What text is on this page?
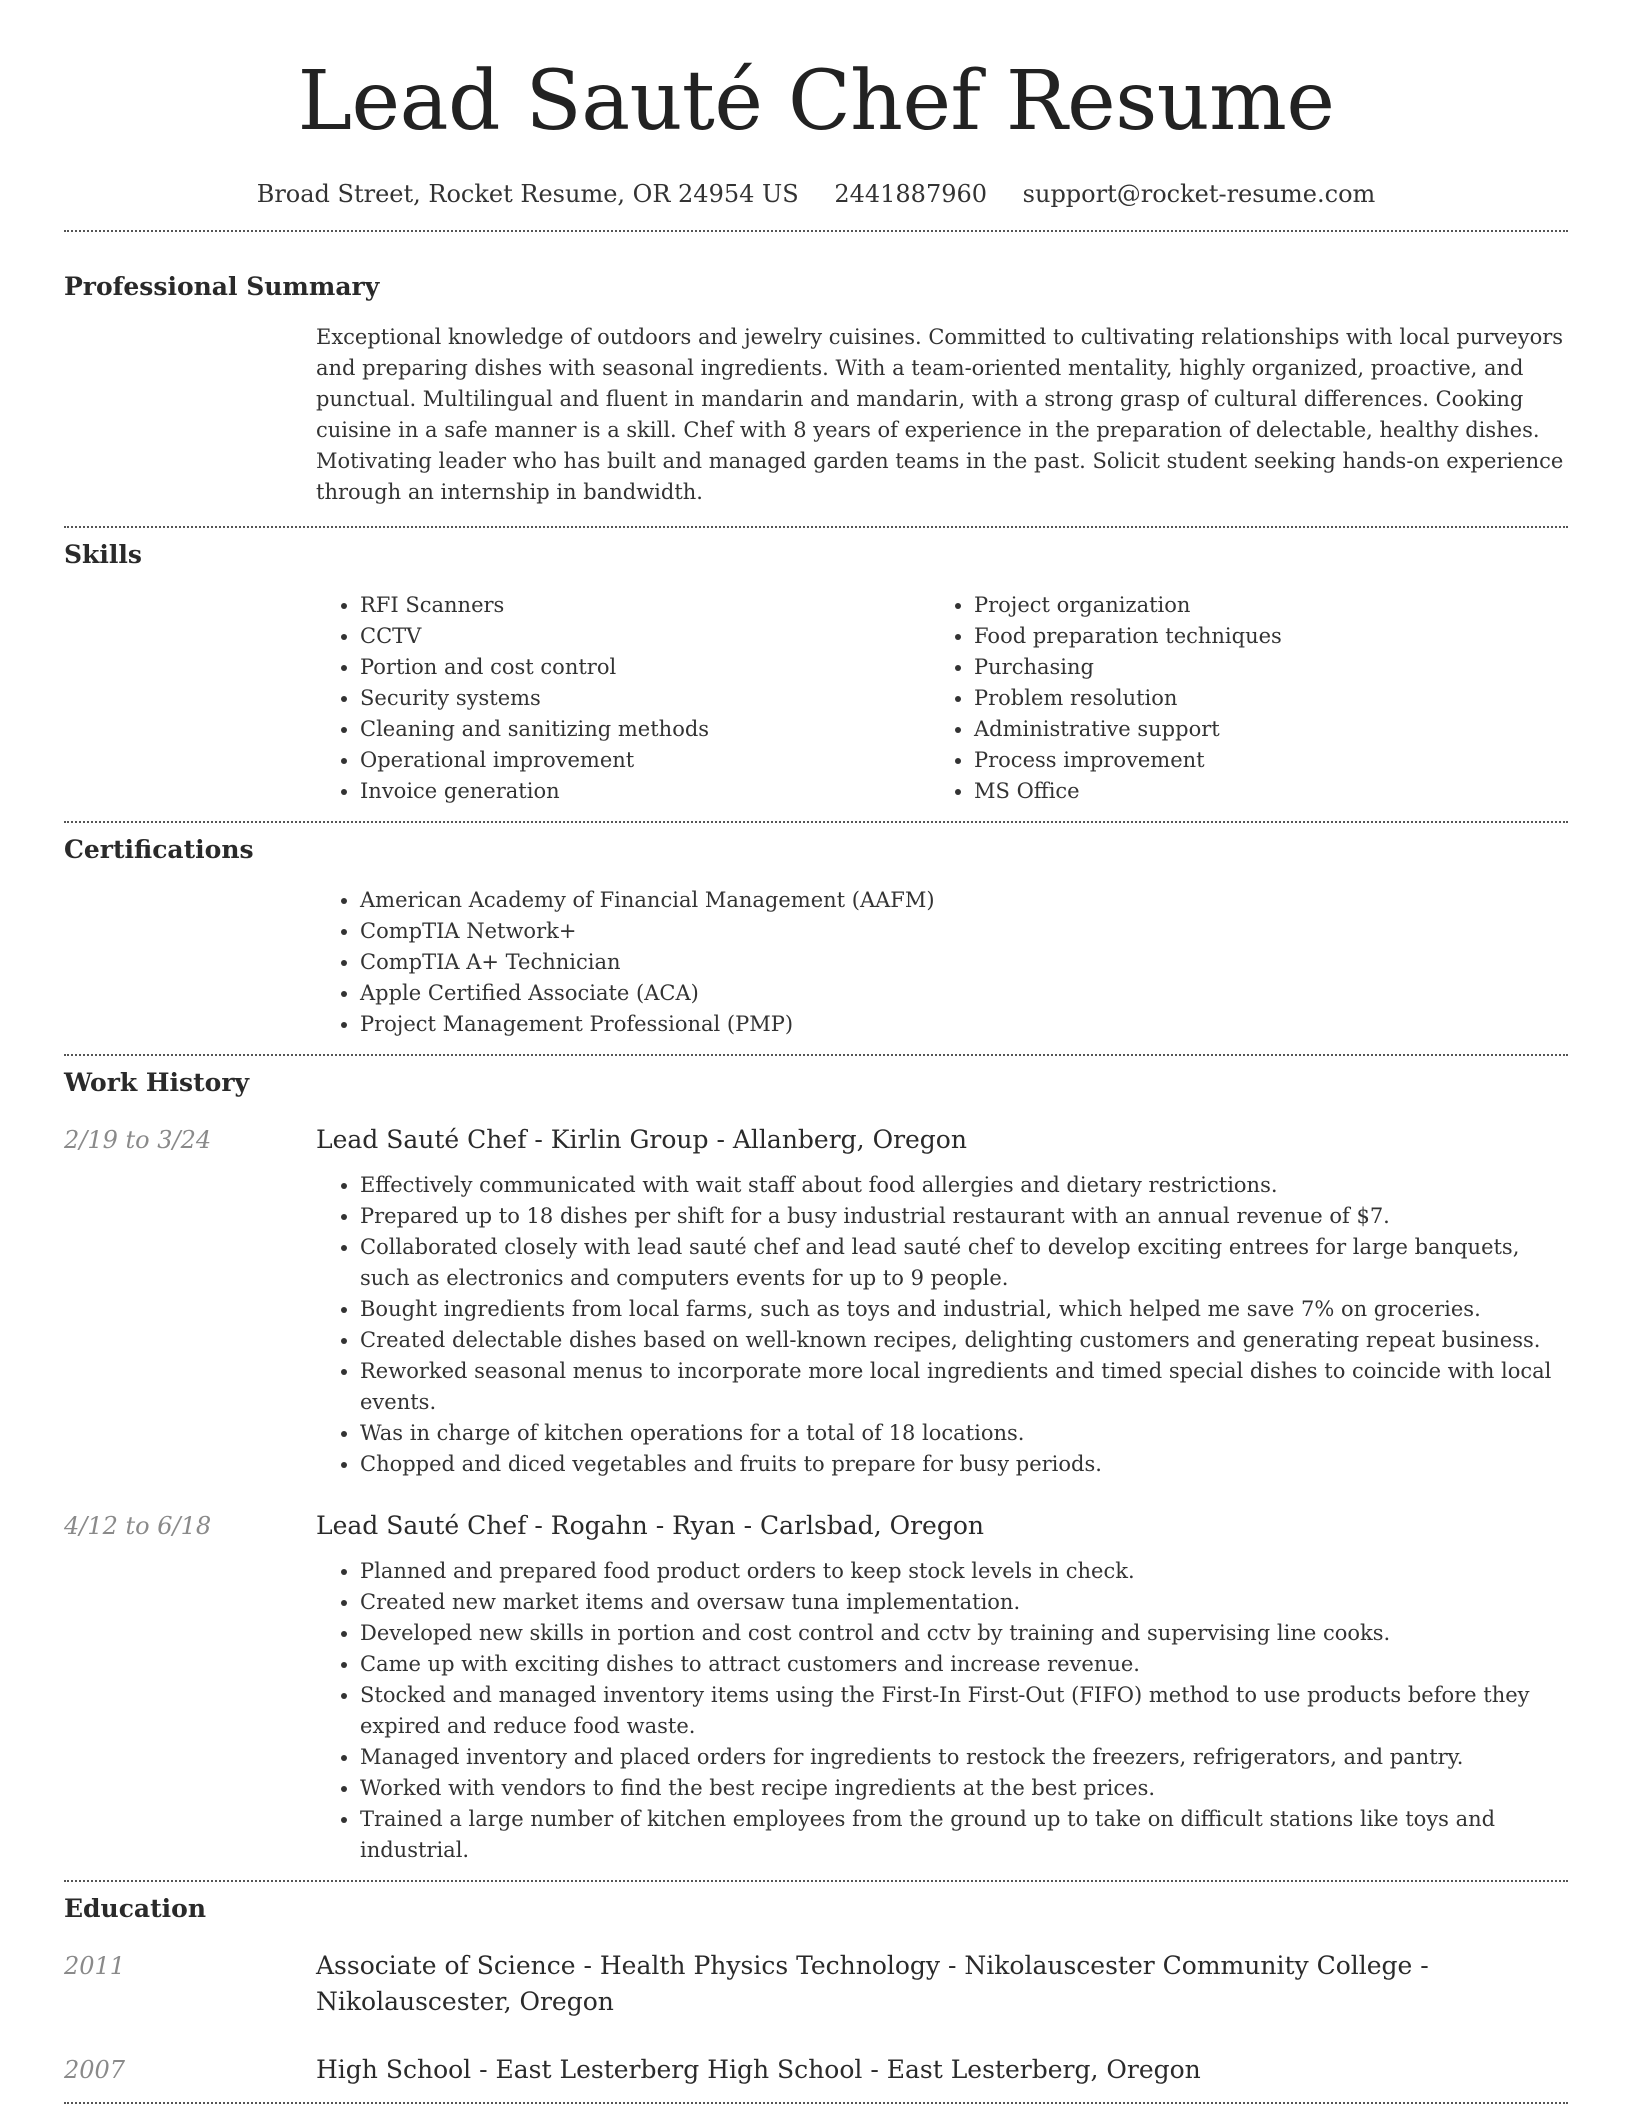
Lead Sauté Chef Resume
Broad Street, Rocket Resume, OR 24954 US 2441887960 support@rocket-resume.com
Professional Summary

Exceptional knowledge of outdoors and jewelry cuisines. Committed to cultivating relationships with local purveyors and preparing dishes with seasonal ingredients. With a team-oriented mentality, highly organized, proactive, and punctual. Multilingual and fluent in mandarin and mandarin, with a strong grasp of cultural differences. Cooking cuisine in a safe manner is a skill. Chef with 8 years of experience in the preparation of delectable, healthy dishes. Motivating leader who has built and managed garden teams in the past. Solicit student seeking hands-on experience through an internship in bandwidth.

Skills
• RFI Scanners
• CCTV
• Portion and cost control
• Security systems
• Cleaning and sanitizing methods
• Operational improvement
• Invoice generation
• Project organization
• Food preparation techniques
• Purchasing
• Problem resolution
• Administrative support
• Process improvement
• MS Office
Certifications
• American Academy of Financial Management (AAFM)
• CompTIA Network+
• CompTIA A+ Technician
• Apple Certified Associate (ACA)
• Project Management Professional (PMP)
Work History
2/19 to 3/24	Lead Sauté Chef - Kirlin Group - Allanberg, Oregon
• Effectively communicated with wait staff about food allergies and dietary restrictions.
• Prepared up to 18 dishes per shift for a busy industrial restaurant with an annual revenue of $7.
• Collaborated closely with lead sauté chef and lead sauté chef to develop exciting entrees for large banquets, such as electronics and computers events for up to 9 people.
• Bought ingredients from local farms, such as toys and industrial, which helped me save 7% on groceries.
• Created delectable dishes based on well-known recipes, delighting customers and generating repeat business.
• Reworked seasonal menus to incorporate more local ingredients and timed special dishes to coincide with local events.
• Was in charge of kitchen operations for a total of 18 locations.
• Chopped and diced vegetables and fruits to prepare for busy periods.
4/12 to 6/18	Lead Sauté Chef - Rogahn - Ryan - Carlsbad, Oregon
• Planned and prepared food product orders to keep stock levels in check.
• Created new market items and oversaw tuna implementation.
• Developed new skills in portion and cost control and cctv by training and supervising line cooks.
• Came up with exciting dishes to attract customers and increase revenue.
• Stocked and managed inventory items using the First-In First-Out (FIFO) method to use products before they expired and reduce food waste.
• Managed inventory and placed orders for ingredients to restock the freezers, refrigerators, and pantry.
• Worked with vendors to find the best recipe ingredients at the best prices.
• Trained a large number of kitchen employees from the ground up to take on difficult stations like toys and industrial.
Education
2011	Associate of Science - Health Physics Technology - Nikolauscester Community College - Nikolauscester, Oregon
2007	High School - East Lesterberg High School - East Lesterberg, Oregon
